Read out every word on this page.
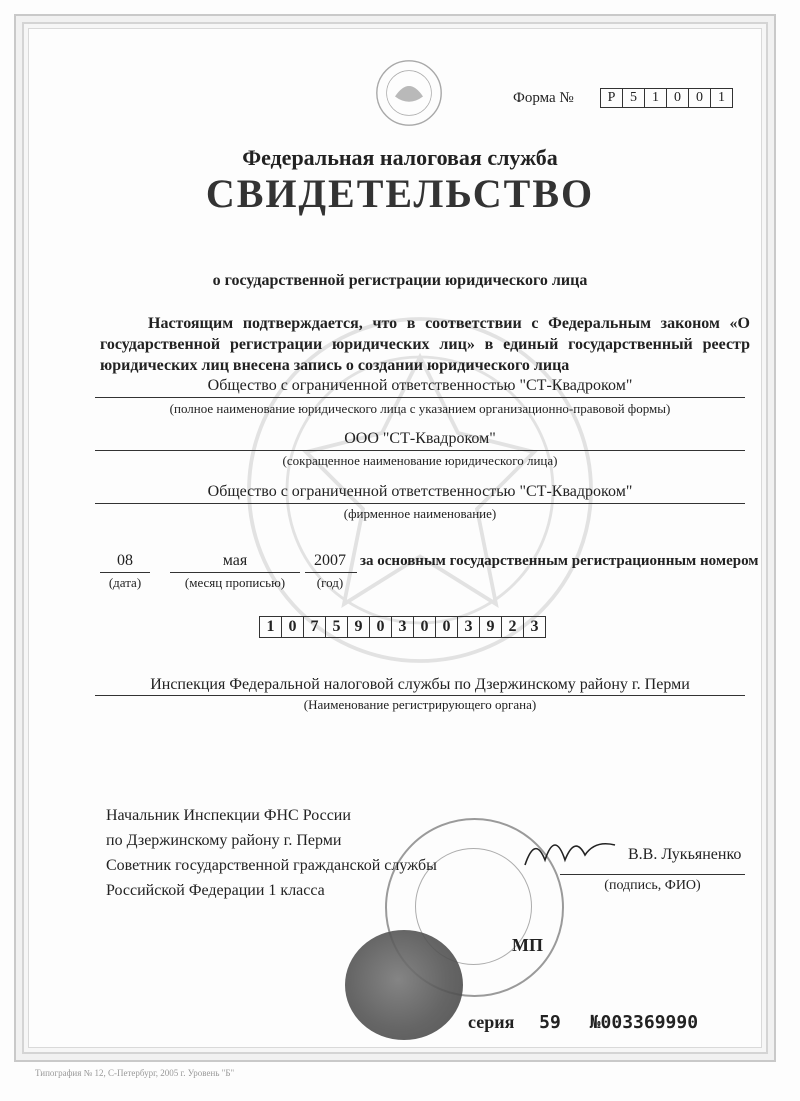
Форма №	Р	5	1	0	0	1
Федеральная налоговая служба
СВИДЕТЕЛЬСТВО
о государственной регистрации юридического лица
Настоящим подтверждается, что в соответствии с Федеральным законом «О государственной регистрации юридических лиц» в единый государственный реестр юридических лиц внесена запись о создании юридического лица
Общество с ограниченной ответственностью "СТ-Квадроком"
(полное наименование юридического лица с указанием организационно-правовой формы)
ООО "СТ-Квадроком"
(сокращенное наименование юридического лица)
Общество с ограниченной ответственностью "СТ-Квадроком"
(фирменное наименование)
08
(дата)
мая
(месяц прописью)
2007
(год)
за основным государственным регистрационным номером
1 0 7 5 9 0 3 0 0 3 9 2 3
Инспекция Федеральной налоговой службы по Дзержинскому району г. Перми
(Наименование регистрирующего органа)
Начальник Инспекции ФНС России
по Дзержинскому району г. Перми
Советник государственной гражданской службы
Российской Федерации 1 класса
В.В. Лукьяненко
(подпись, ФИО)
МП
серия 59 №003369990
Типография № 12, С-Петербург, 2005 г. Уровень "Б"
